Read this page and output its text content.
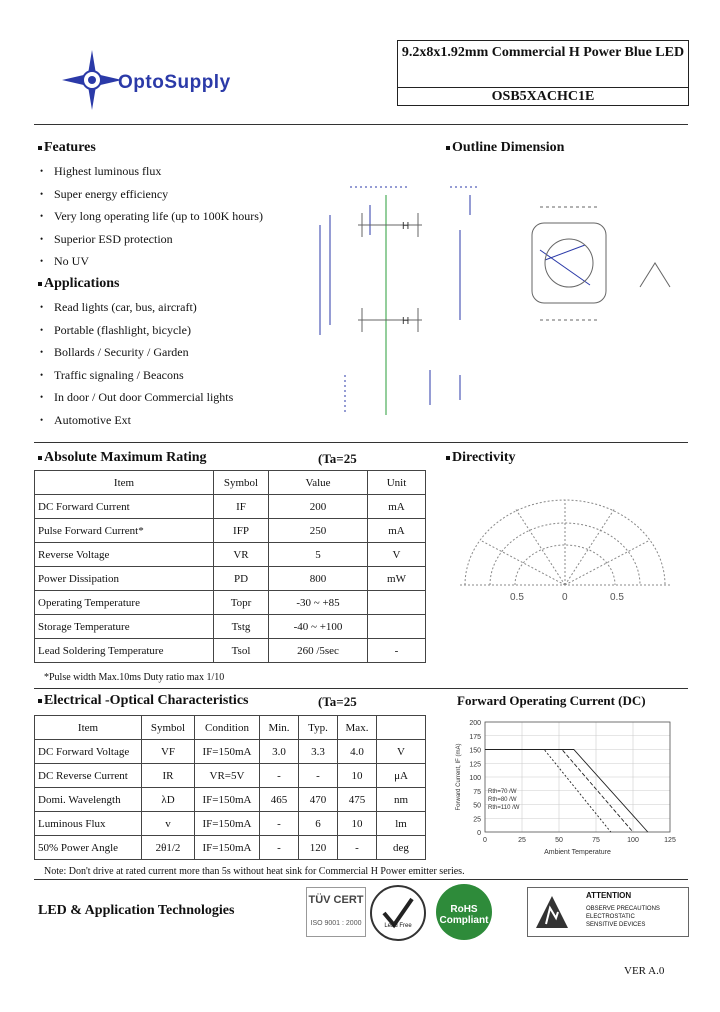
OptoSupply
9.2x8x1.92mm Commercial H Power Blue LED
OSB5XACHC1E
Features
• Highest luminous flux
• Super energy efficiency
• Very long operating life (up to 100K hours)
• Superior ESD protection
• No UV
Applications
• Read lights (car, bus, aircraft)
• Portable (flashlight, bicycle)
• Bollards / Security / Garden
• Traffic signaling / Beacons
• In door / Out door Commercial lights
• Automotive Ext
Outline Dimension
H
H
Absolute Maximum Rating	(Ta=25
Item	Symbol	Value	Unit
DC Forward Current	IF	200	mA
Pulse Forward Current*	IFP	250	mA
Reverse Voltage	VR	5	V
Power Dissipation	PD	800	mW
Operating Temperature	Topr	-30 ~ +85	
Storage Temperature	Tstg	-40 ~ +100	
Lead Soldering Temperature	Tsol	260 /5sec	-
*Pulse width Max.10ms Duty ratio max 1/10
Directivity
0.5	0	0.5
Electrical -Optical Characteristics	(Ta=25
Item	Symbol	Condition	Min.	Typ.	Max.	
DC Forward Voltage	VF	IF=150mA	3.0	3.3	4.0	V
DC Reverse Current	IR	VR=5V	-	-	10	μA
Domi. Wavelength	λD	IF=150mA	465	470	475	nm
Luminous Flux	v	IF=150mA	-	6	10	lm
50% Power Angle	2θ1/2	IF=150mA	-	120	-	deg
Forward Operating Current (DC)
200
175
150
125
100
75
50
25
0
0	25	50	75	100	125
Ambient Temperature
Forward Current, IF (mA)	Rth=70 /W
Rth=80 /W
Rth=110 /W
Note: Don't drive at rated current more than 5s without heat sink for Commercial H Power emitter series.
LED & Application Technologies
TÜV CERT
ISO 9001 : 2000	Lead Free
RoHS Compliant
ATTENTION
OBSERVE PRECAUTIONS
ELECTROSTATIC
SENSITIVE DEVICES
VER A.0
